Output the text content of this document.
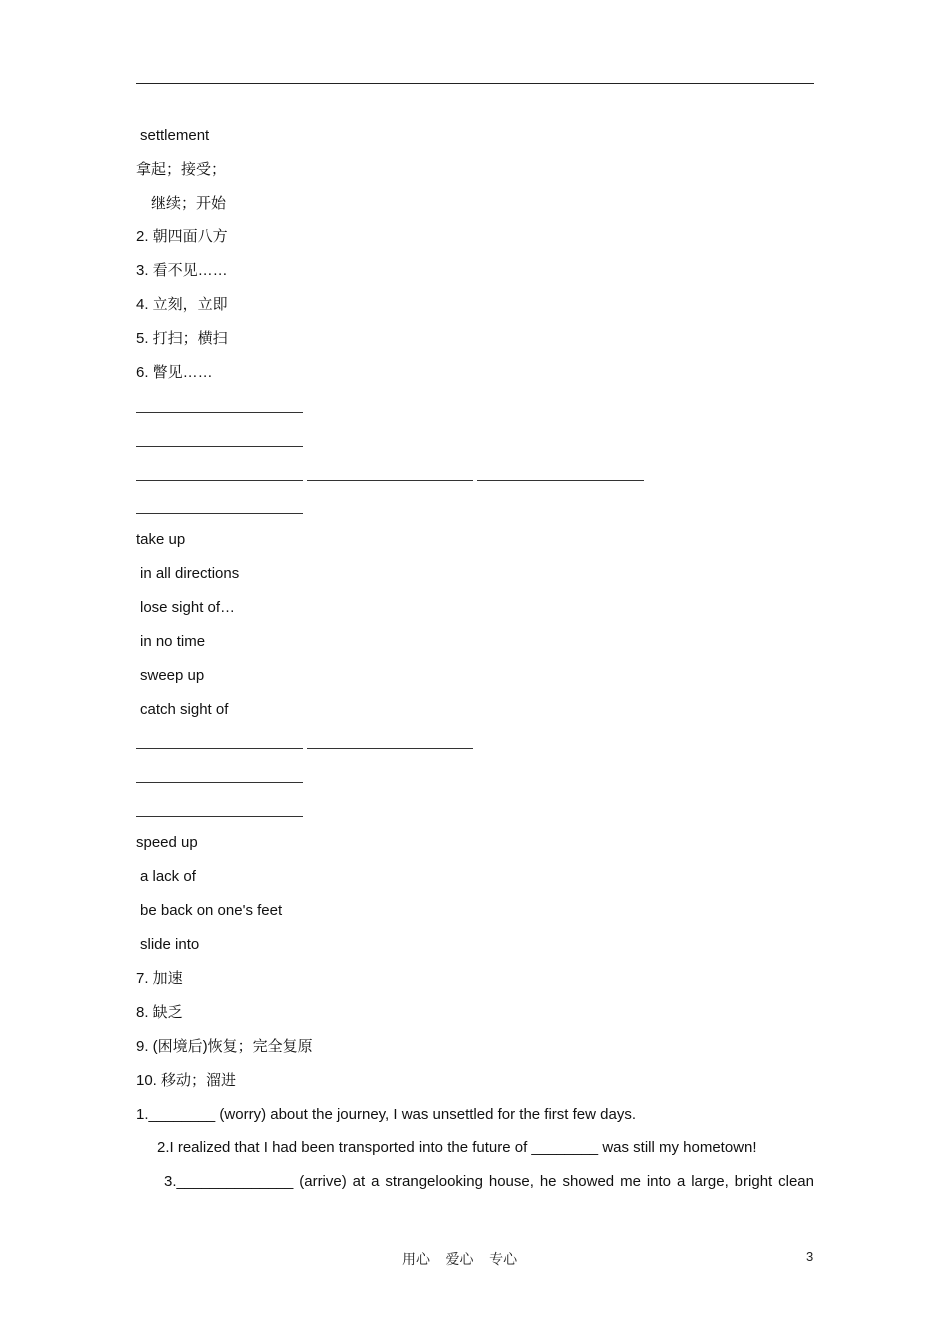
settlement
拿起；接受；
继续；开始
2. 朝四面八方
3. 看不见……
4. 立刻，立即
5. 打扫；横扫
6. 瞥见……
take up
in all directions
lose sight of…
in no time
sweep up
catch sight of
speed up
a lack of
be back on one's feet
slide into
7. 加速
8. 缺乏
9. (困境后)恢复；完全复原
10. 移动；溜进
1.________ (worry) about the journey, I was unsettled for the first few days.
2.I realized that I had been transported into the future of ________ was still my hometown!
3.______________ (arrive) at a strangelooking house, he showed me into a large, bright clean
用心    爱心    专心	3
